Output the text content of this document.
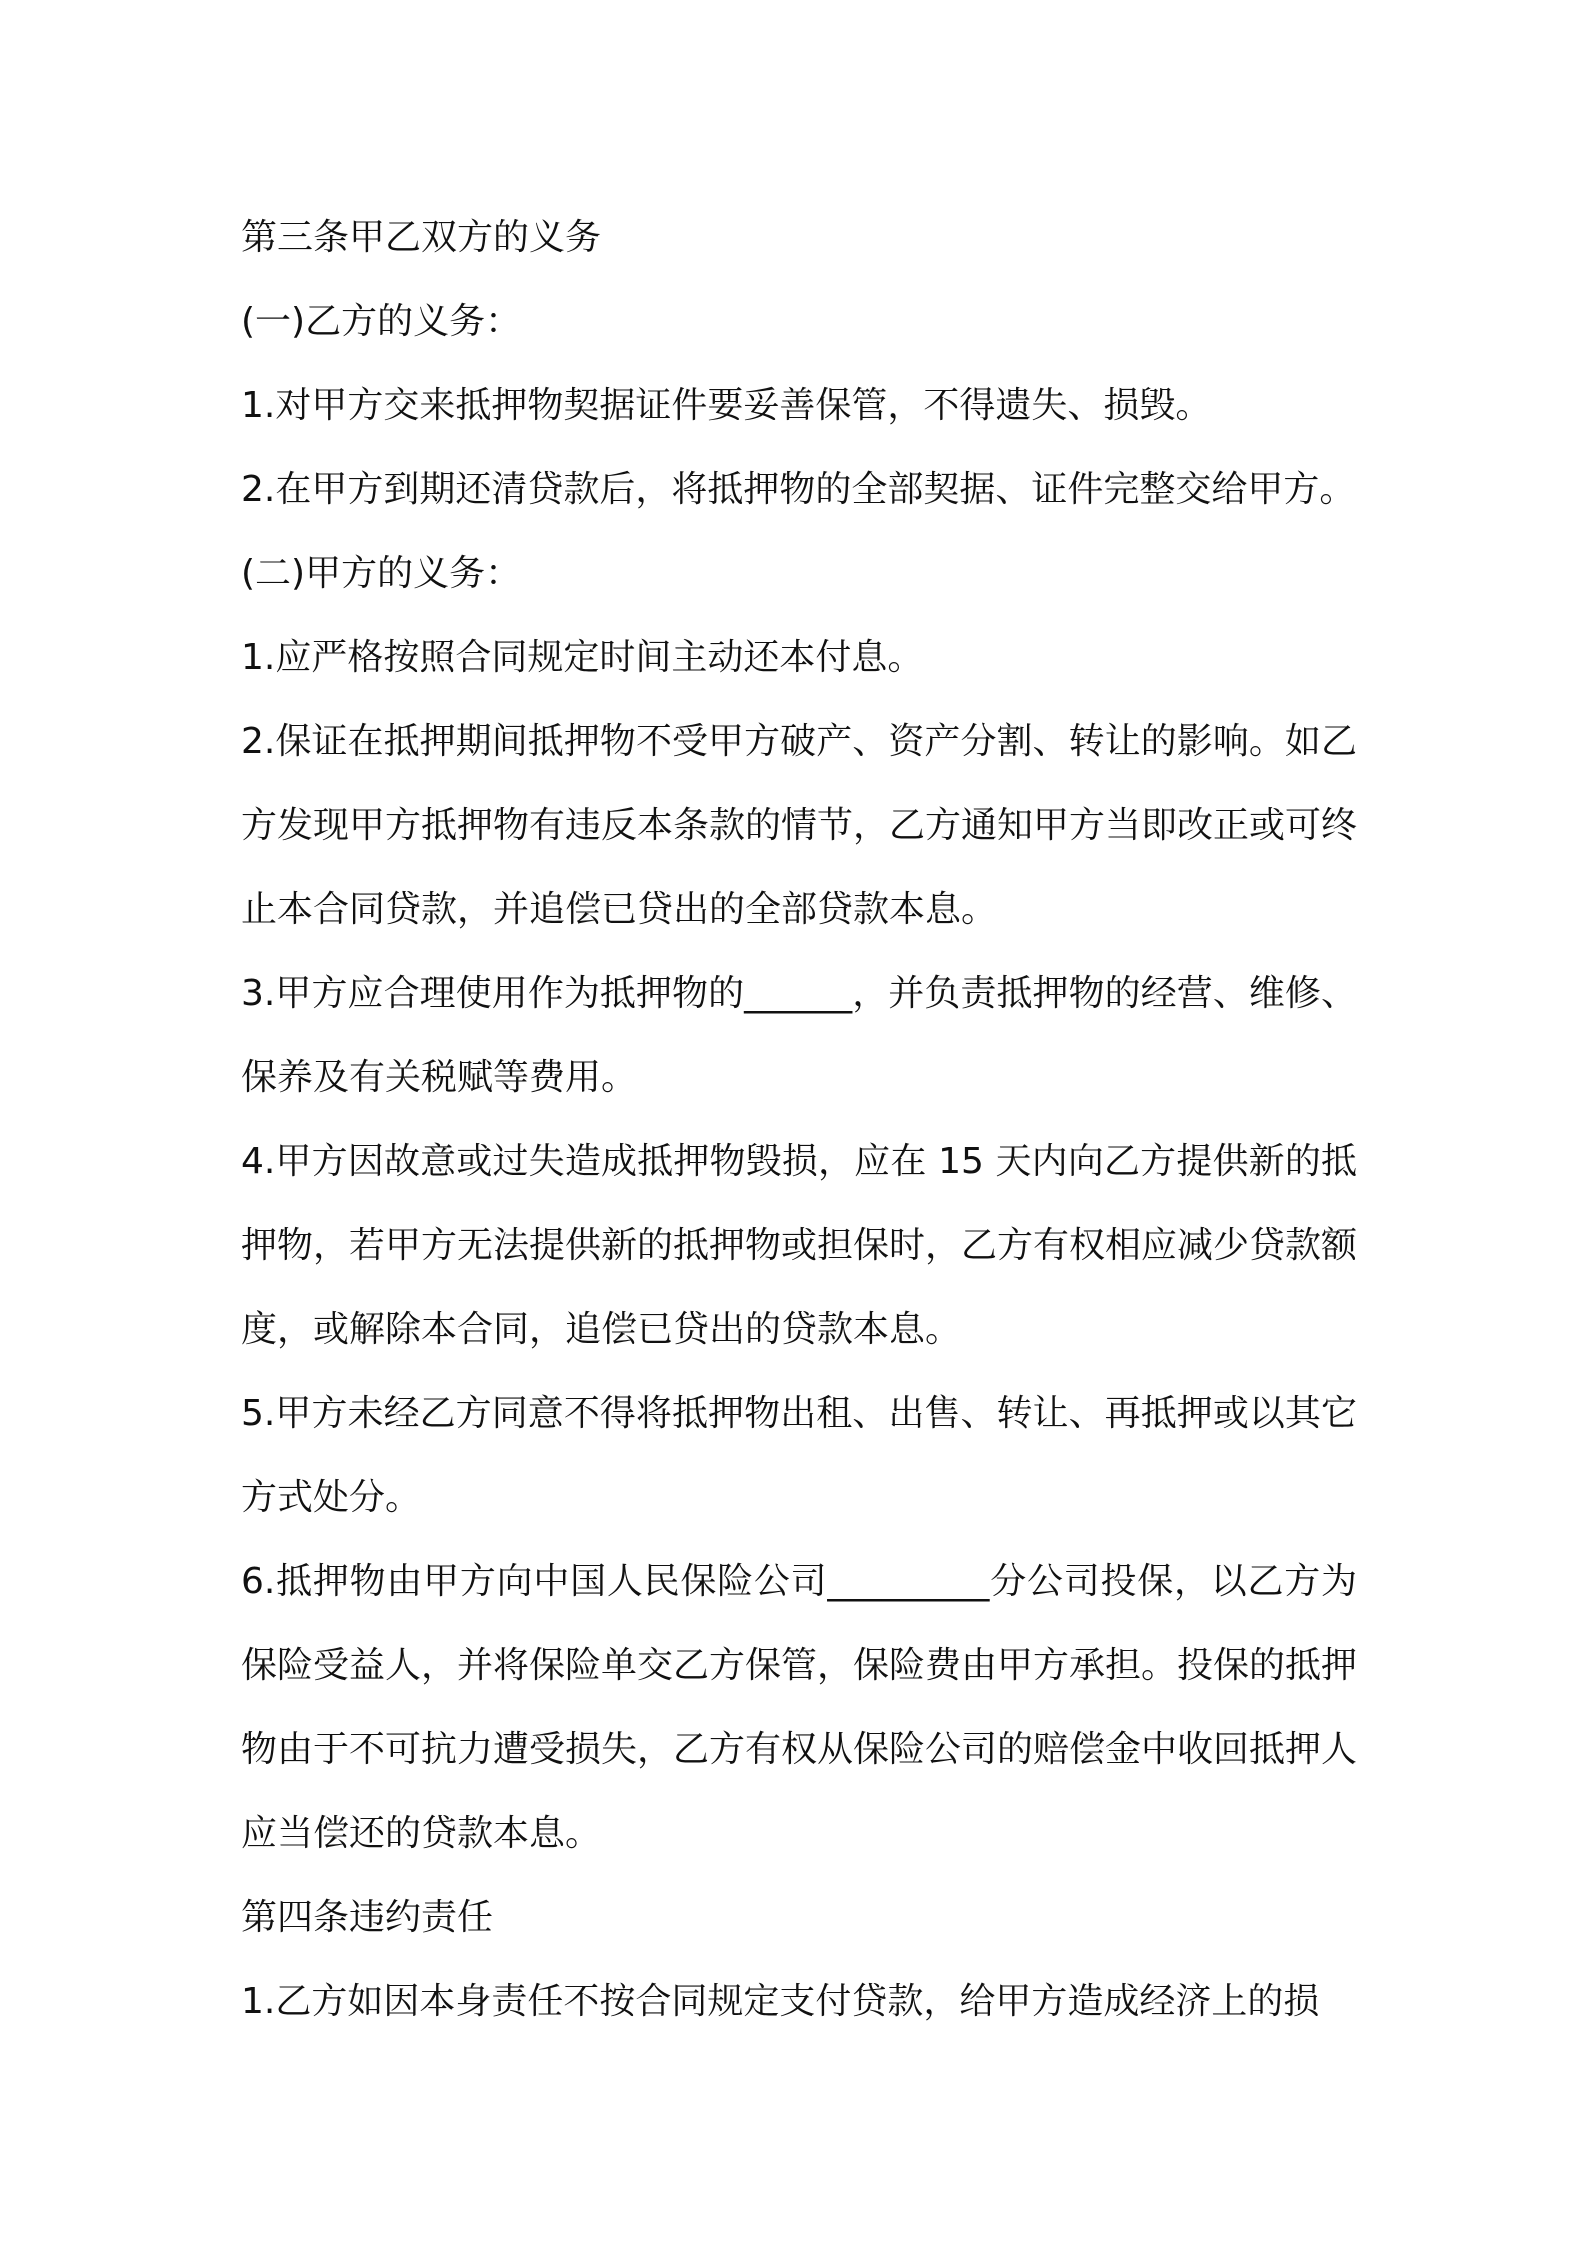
第三条甲乙双方的义务

(一)乙方的义务：

1.对甲方交来抵押物契据证件要妥善保管，不得遗失、损毁。

2.在甲方到期还清贷款后，将抵押物的全部契据、证件完整交给甲方。

(二)甲方的义务：

1.应严格按照合同规定时间主动还本付息。

2.保证在抵押期间抵押物不受甲方破产、资产分割、转让的影响。如乙方发现甲方抵押物有违反本条款的情节，乙方通知甲方当即改正或可终止本合同贷款，并追偿已贷出的全部贷款本息。

3.甲方应合理使用作为抵押物的______，并负责抵押物的经营、维修、保养及有关税赋等费用。

4.甲方因故意或过失造成抵押物毁损，应在 15 天内向乙方提供新的抵押物，若甲方无法提供新的抵押物或担保时，乙方有权相应减少贷款额度，或解除本合同，追偿已贷出的贷款本息。

5.甲方未经乙方同意不得将抵押物出租、出售、转让、再抵押或以其它方式处分。

6.抵押物由甲方向中国人民保险公司_________分公司投保，以乙方为保险受益人，并将保险单交乙方保管，保险费由甲方承担。投保的抵押物由于不可抗力遭受损失，乙方有权从保险公司的赔偿金中收回抵押人应当偿还的贷款本息。

第四条违约责任

1.乙方如因本身责任不按合同规定支付贷款，给甲方造成经济上的损
